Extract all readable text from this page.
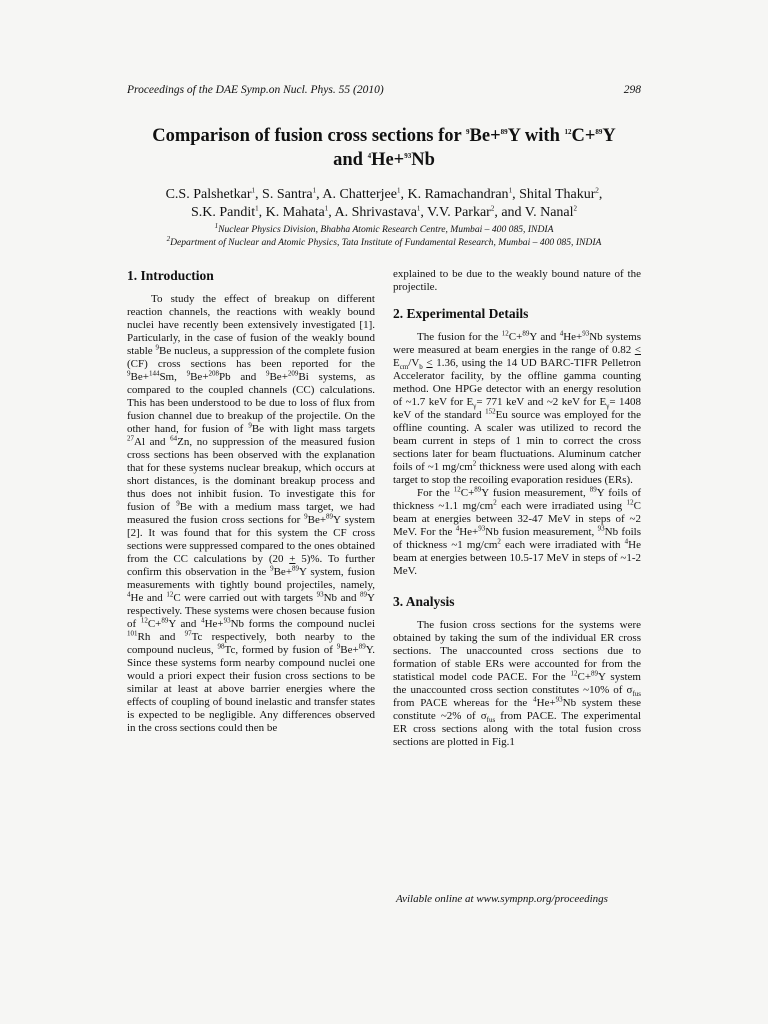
Proceedings of the DAE Symp.on Nucl. Phys. 55 (2010)	298
Comparison of fusion cross sections for $^9$Be+$^{89}$Y with $^{12}$C+$^{89}$Y
and $^4$He+$^{93}$Nb
C.S. Palshetkar$^1$, S. Santra$^1$, A. Chatterjee$^1$, K. Ramachandran$^1$, Shital Thakur$^2$,
S.K. Pandit$^1$, K. Mahata$^1$, A. Shrivastava$^1$, V.V. Parkar$^2$, and V. Nanal$^2$
$^1$Nuclear Physics Division, Bhabha Atomic Research Centre, Mumbai – 400 085, INDIA
$^2$Department of Nuclear and Atomic Physics, Tata Institute of Fundamental Research, Mumbai – 400 085, INDIA
1. Introduction

To study the effect of breakup on different reaction channels, the reactions with weakly bound nuclei have recently been extensively investigated [1]. Particularly, in the case of fusion of the weakly bound stable $^9$Be nucleus, a suppression of the complete fusion (CF) cross sections has been reported for the $^9$Be+$^{144}$Sm, $^9$Be+$^{208}$Pb and $^9$Be+$^{209}$Bi systems, as compared to the coupled channels (CC) calculations. This has been understood to be due to loss of flux from fusion channel due to breakup of the projectile. On the other hand, for fusion of $^9$Be with light mass targets $^{27}$Al and $^{64}$Zn, no suppression of the measured fusion cross sections has been observed with the explanation that for these systems nuclear breakup, which occurs at short distances, is the dominant breakup process and thus does not inhibit fusion. To investigate this for fusion of $^9$Be with a medium mass target, we had measured the fusion cross sections for $^9$Be+$^{89}$Y system [2]. It was found that for this system the CF cross sections were suppressed compared to the ones obtained from the CC calculations by (20 + 5)%. To further confirm this observation in the $^9$Be+$^{89}$Y system, fusion measurements with tightly bound projectiles, namely, $^4$He and $^{12}$C were carried out with targets $^{93}$Nb and $^{89}$Y respectively. These systems were chosen because fusion of $^{12}$C+$^{89}$Y and $^4$He+$^{93}$Nb forms the compound nuclei $^{101}$Rh and $^{97}$Tc respectively, both nearby to the compound nucleus, $^{98}$Tc, formed by fusion of $^9$Be+$^{89}$Y. Since these systems form nearby compound nuclei one would a priori expect their fusion cross sections to be similar at least at above barrier energies where the effects of coupling of bound inelastic and transfer states is expected to be negligible. Any differences observed in the cross sections could then be

explained to be due to the weakly bound nature of the projectile.

2. Experimental Details

The fusion for the $^{12}$C+$^{89}$Y and $^4$He+$^{93}$Nb systems were measured at beam energies in the range of $0.82 < E_{cm}/V_b < 1.36$, using the 14 UD BARC-TIFR Pelletron Accelerator facility, by the offline gamma counting method. One HPGe detector with an energy resolution of ~1.7 keV for $E_\gamma= 771$ keV and ~2 keV for $E_\gamma= 1408$ keV of the standard $^{152}$Eu source was employed for the offline counting. A scaler was utilized to record the beam current in steps of 1 min to correct the cross sections later for beam fluctuations. Aluminum catcher foils of ~1 $mg/cm^2$ thickness were used along with each target to stop the recoiling evaporation residues (ERs).

For the $^{12}$C+$^{89}$Y fusion measurement, $^{89}$Y foils of thickness ~1.1 $mg/cm^2$ each were irradiated using $^{12}$C beam at energies between 32-47 MeV in steps of ~2 MeV. For the $^4$He+$^{93}$Nb fusion measurement, $^{93}$Nb foils of thickness ~1 $mg/cm^2$ each were irradiated with $^4$He beam at energies between 10.5-17 MeV in steps of ~1-2 MeV.

3. Analysis

The fusion cross sections for the systems were obtained by taking the sum of the individual ER cross sections. The unaccounted cross sections due to formation of stable ERs were accounted for from the statistical model code PACE. For the $^{12}$C+$^{89}$Y system the unaccounted cross section constitutes ~10% of $\sigma_{fus}$ from PACE whereas for the $^4$He+$^{93}$Nb system these constitute ~2% of $\sigma_{fus}$ from PACE. The experimental ER cross sections along with the total fusion cross sections are plotted in Fig.1

Avilable online at www.sympnp.org/proceedings
